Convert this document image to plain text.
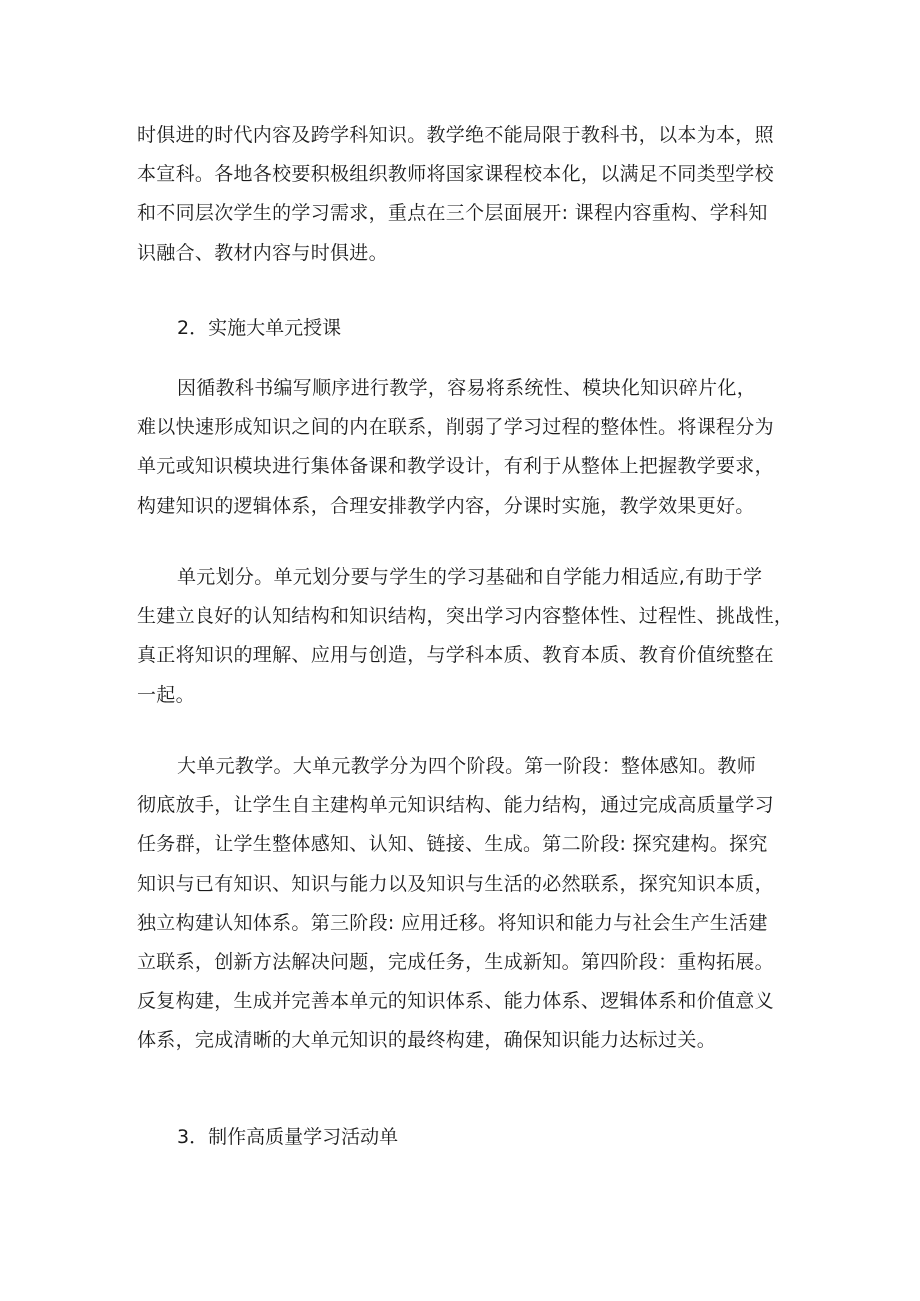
时俱进的时代内容及跨学科知识。教学绝不能局限于教科书，以本为本，照
本宣科。各地各校要积极组织教师将国家课程校本化，以满足不同类型学校
和不同层次学生的学习需求，重点在三个层面展开: 课程内容重构、学科知
识融合、教材内容与时俱进。
2．实施大单元授课
因循教科书编写顺序进行教学，容易将系统性、模块化知识碎片化，
难以快速形成知识之间的内在联系，削弱了学习过程的整体性。将课程分为
单元或知识模块进行集体备课和教学设计，有利于从整体上把握教学要求，
构建知识的逻辑体系，合理安排教学内容，分课时实施，教学效果更好。
单元划分。单元划分要与学生的学习基础和自学能力相适应,有助于学
生建立良好的认知结构和知识结构，突出学习内容整体性、过程性、挑战性，
真正将知识的理解、应用与创造，与学科本质、教育本质、教育价值统整在
一起。
大单元教学。大单元教学分为四个阶段。第一阶段：整体感知。教师
彻底放手，让学生自主建构单元知识结构、能力结构，通过完成高质量学习
任务群，让学生整体感知、认知、链接、生成。第二阶段: 探究建构。探究
知识与已有知识、知识与能力以及知识与生活的必然联系，探究知识本质，
独立构建认知体系。第三阶段: 应用迁移。将知识和能力与社会生产生活建
立联系，创新方法解决问题，完成任务，生成新知。第四阶段：重构拓展。
反复构建，生成并完善本单元的知识体系、能力体系、逻辑体系和价值意义
体系，完成清晰的大单元知识的最终构建，确保知识能力达标过关。
3．制作高质量学习活动单
